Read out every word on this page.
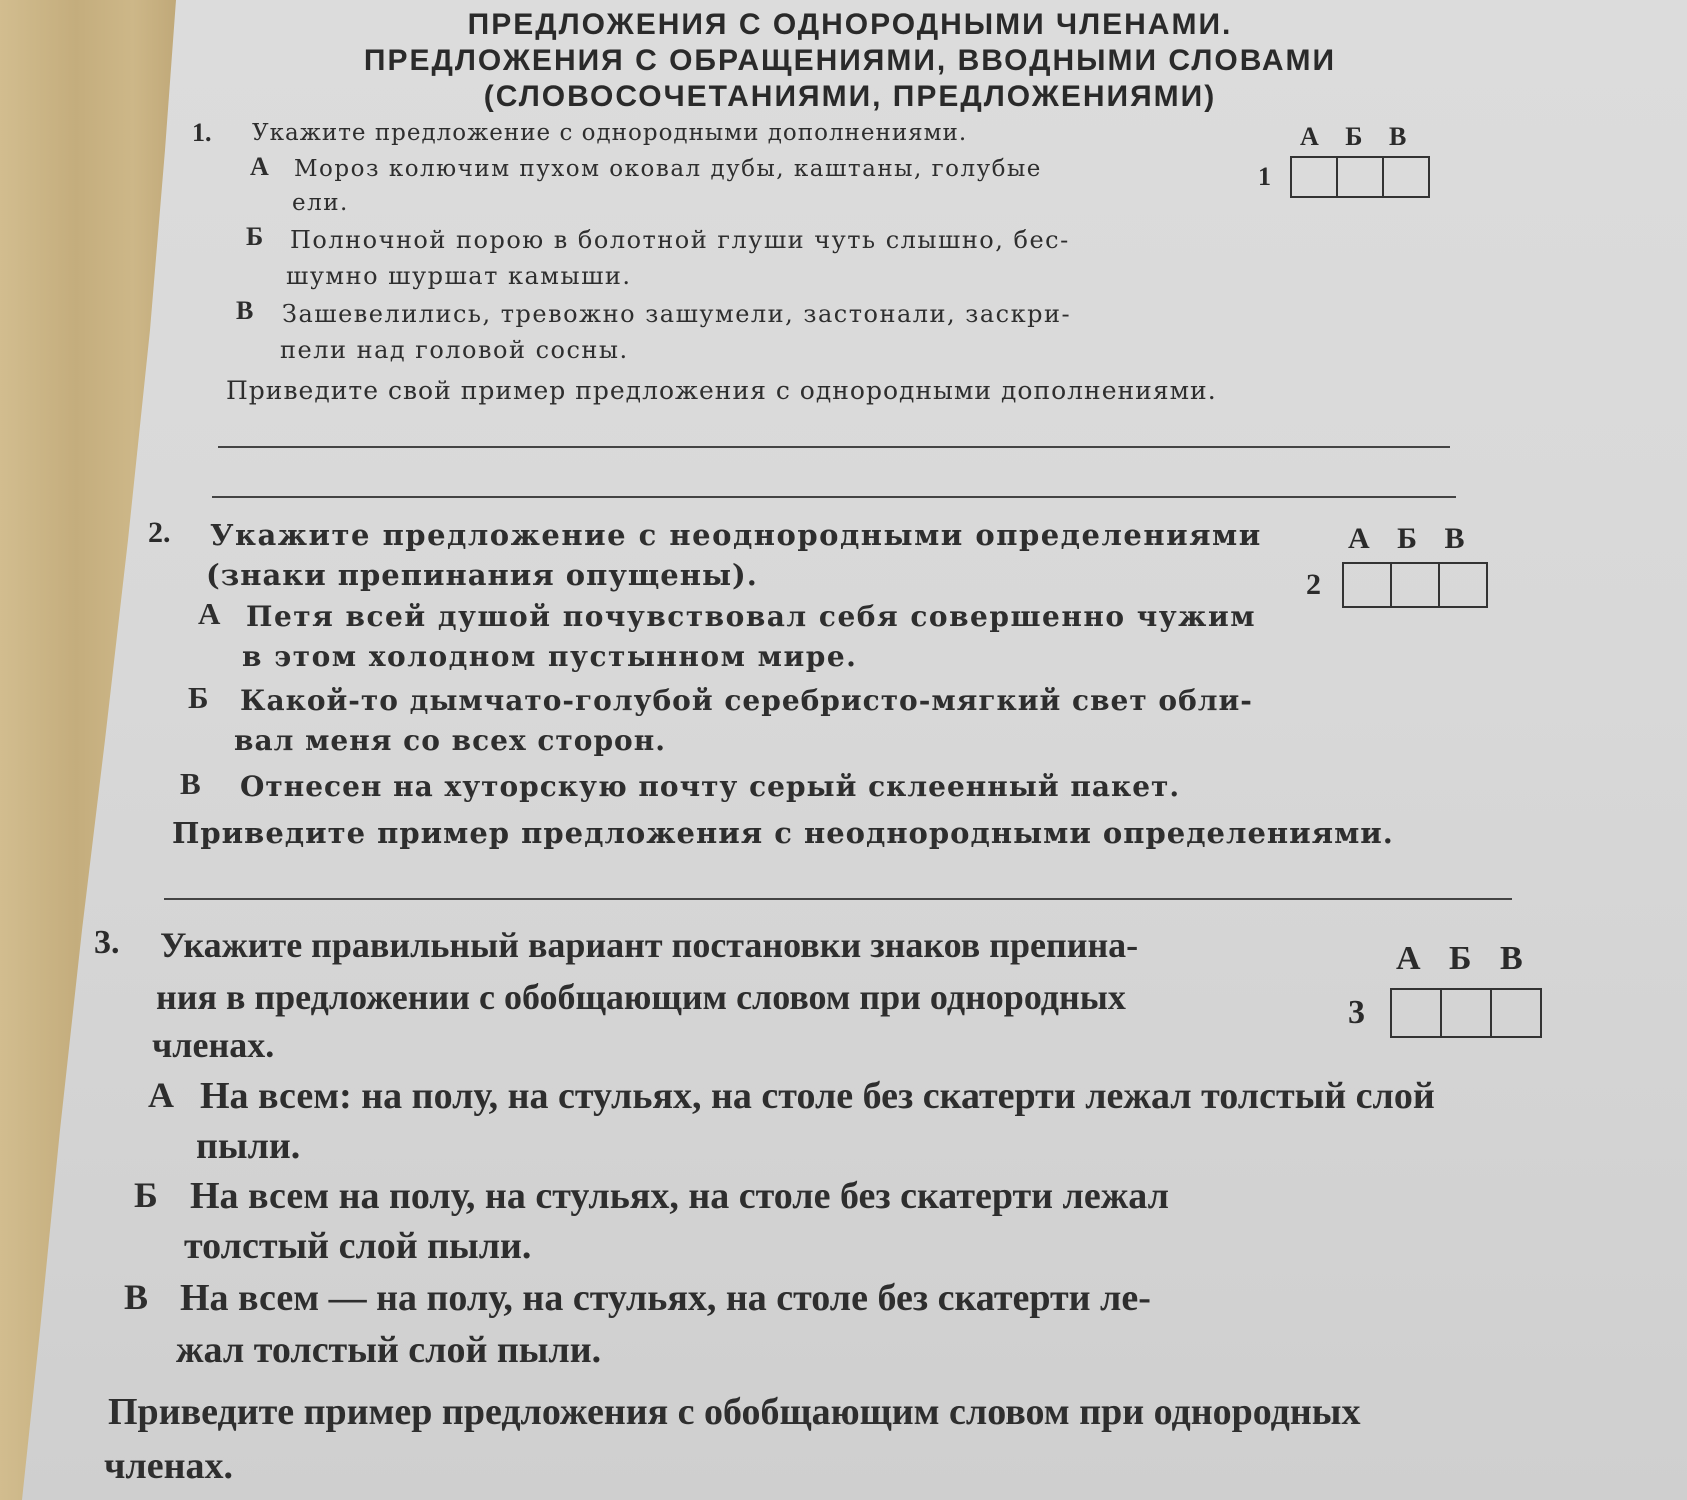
ПРЕДЛОЖЕНИЯ С ОДНОРОДНЫМИ ЧЛЕНАМИ.
ПРЕДЛОЖЕНИЯ С ОБРАЩЕНИЯМИ, ВВОДНЫМИ СЛОВАМИ
(СЛОВОСОЧЕТАНИЯМИ, ПРЕДЛОЖЕНИЯМИ)
1. Укажите предложение с однородными дополнениями.	А Б В
1
А Мороз колючим пухом оковал дубы, каштаны, голубые
ели.
Б Полночной порою в болотной глуши чуть слышно, бес-
шумно шуршат камыши.
В Зашевелились, тревожно зашумели, застонали, заскри-
пели над головой сосны.
Приведите свой пример предложения с однородными дополнениями.
2. Укажите предложение с неоднородными определениями
(знаки препинания опущены).
А Б В
2
А Петя всей душой почувствовал себя совершенно чужим
в этом холодном пустынном мире.
Б Какой-то дымчато-голубой серебристо-мягкий свет обли-
вал меня со всех сторон.
В Отнесен на хуторскую почту серый склеенный пакет.
Приведите пример предложения с неоднородными определениями.
3. Укажите правильный вариант постановки знаков препина-
ния в предложении с обобщающим словом при однородных
членах.
А Б В
3
А На всем: на полу, на стульях, на столе без скатерти лежал толстый слой
пыли.
Б На всем на полу, на стульях, на столе без скатерти лежал
толстый слой пыли.
В На всем — на полу, на стульях, на столе без скатерти ле-
жал толстый слой пыли.
Приведите пример предложения с обобщающим словом при однородных
членах.
